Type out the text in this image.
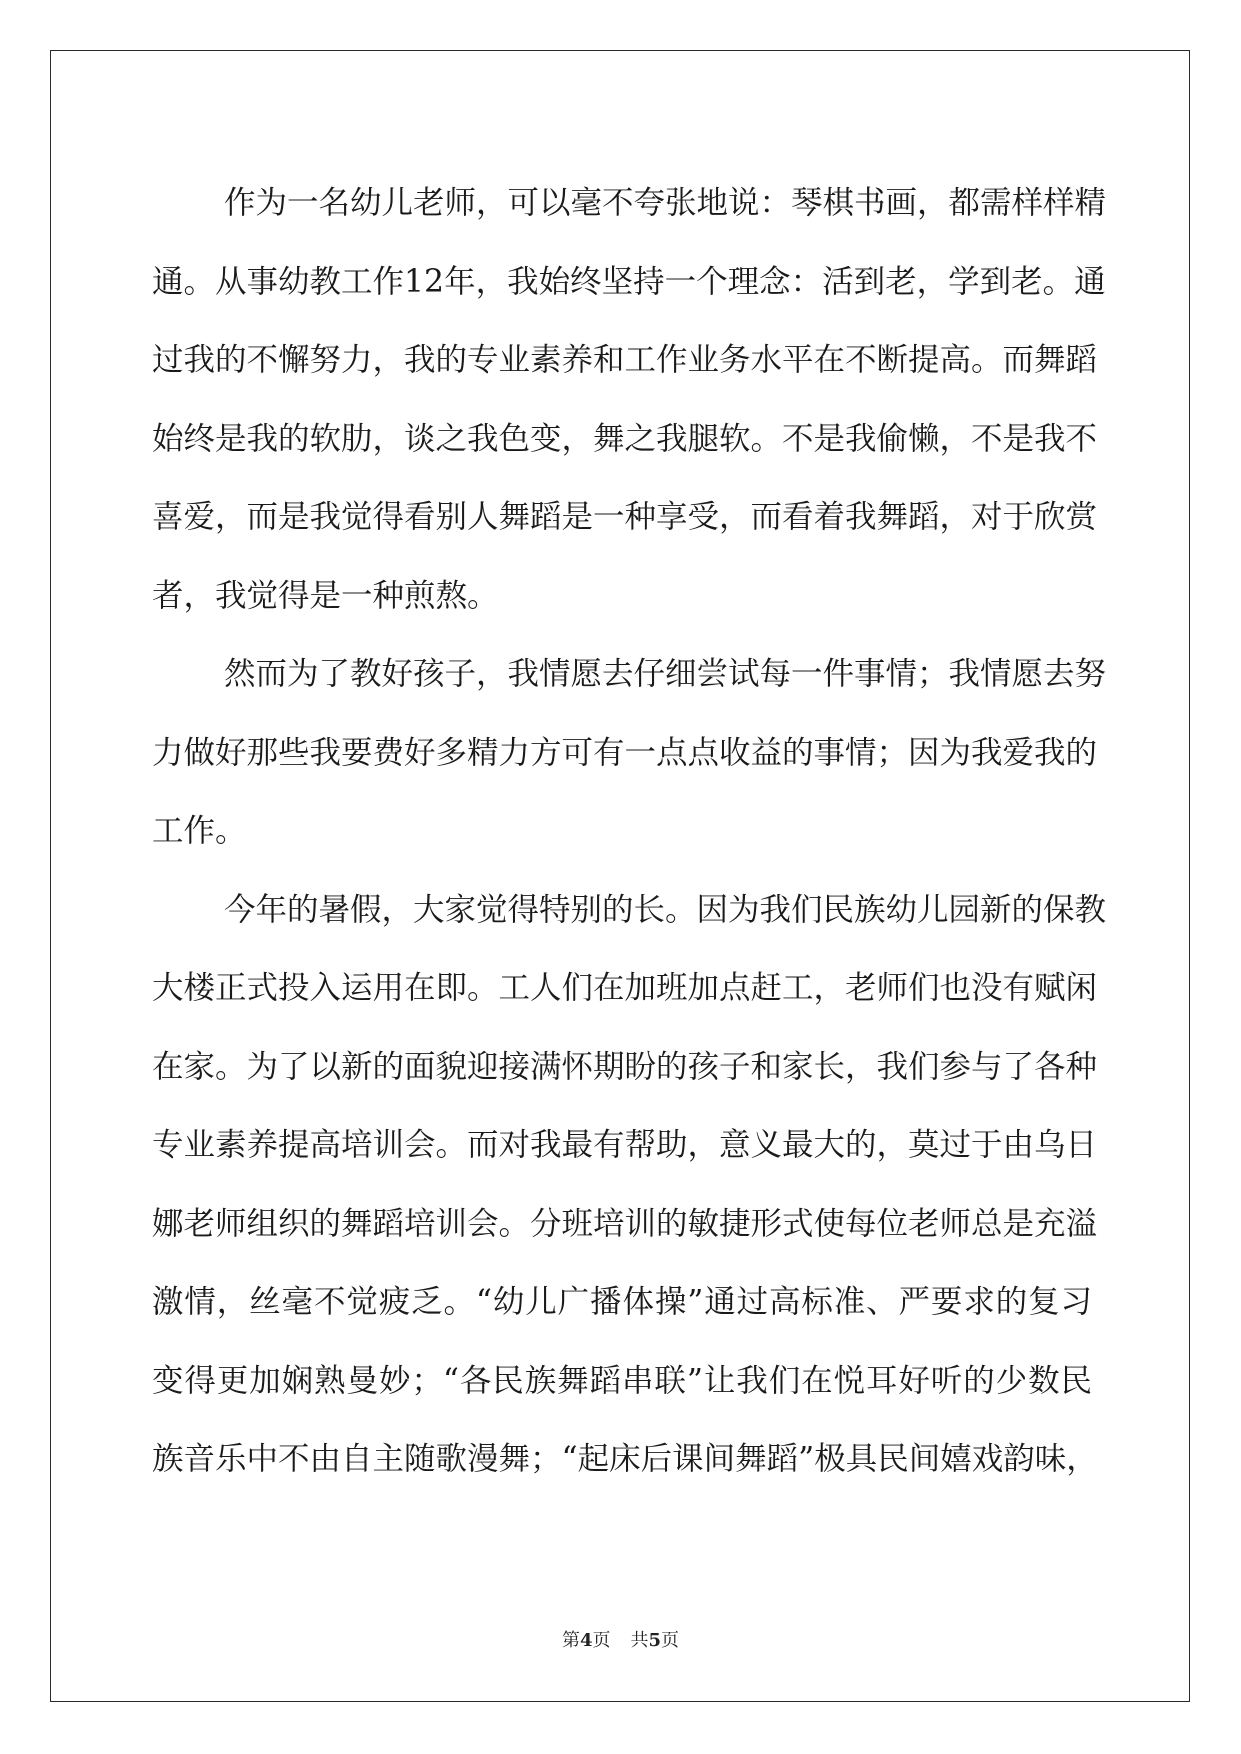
作为一名幼儿老师，可以毫不夸张地说：琴棋书画，都需样样精
通。从事幼教工作12年，我始终坚持一个理念：活到老，学到老。通
过我的不懈努力，我的专业素养和工作业务水平在不断提高。而舞蹈
始终是我的软肋，谈之我色变，舞之我腿软。不是我偷懒，不是我不
喜爱，而是我觉得看别人舞蹈是一种享受，而看着我舞蹈，对于欣赏
者，我觉得是一种煎熬。
然而为了教好孩子，我情愿去仔细尝试每一件事情；我情愿去努
力做好那些我要费好多精力方可有一点点收益的事情；因为我爱我的
工作。
今年的暑假，大家觉得特别的长。因为我们民族幼儿园新的保教
大楼正式投入运用在即。工人们在加班加点赶工，老师们也没有赋闲
在家。为了以新的面貌迎接满怀期盼的孩子和家长，我们参与了各种
专业素养提高培训会。而对我最有帮助，意义最大的，莫过于由乌日
娜老师组织的舞蹈培训会。分班培训的敏捷形式使每位老师总是充溢
激情，丝毫不觉疲乏。“幼儿广播体操”通过高标准、严要求的复习
变得更加娴熟曼妙；“各民族舞蹈串联”让我们在悦耳好听的少数民
族音乐中不由自主随歌漫舞；“起床后课间舞蹈”极具民间嬉戏韵味，
第4页 共5页
